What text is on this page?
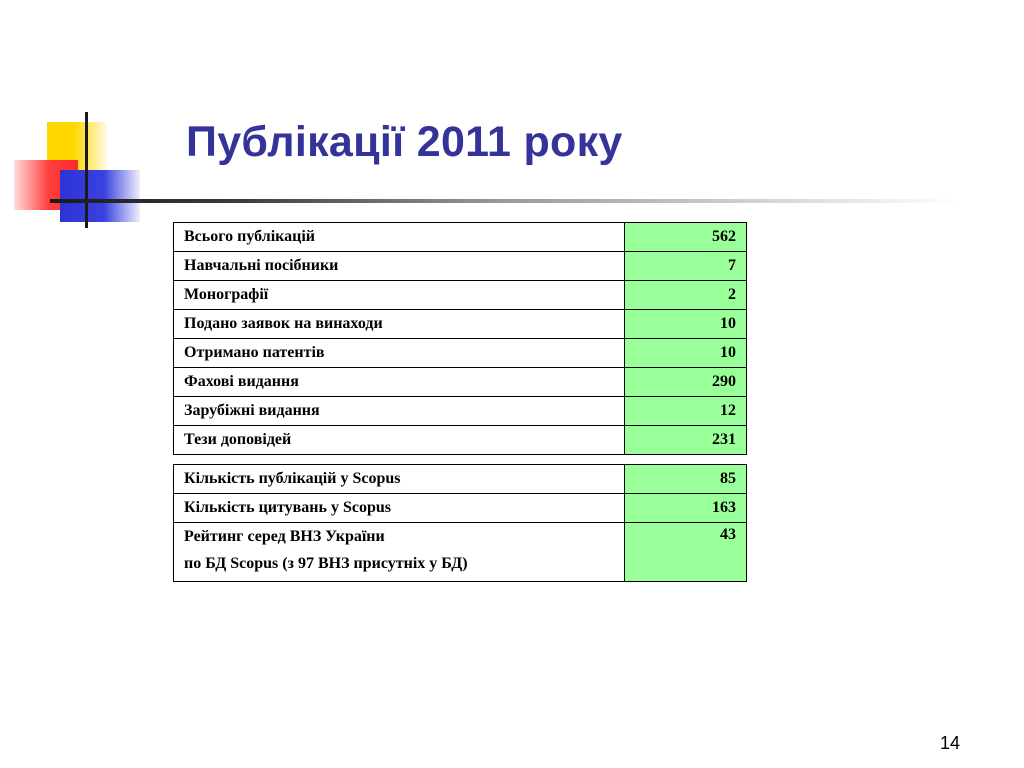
Публікації 2011 року
Всього публікацій	562
Навчальні посібники	7
Монографії	2
Подано заявок на винаходи	10
Отримано патентів	10
Фахові видання	290
Зарубіжні видання	12
Тези доповідей	231
Кількість публікацій у Scopus	85
Кількість цитувань у Scopus	163

Рейтинг серед ВНЗ України
по БД Scopus (з 97 ВНЗ присутніх у БД)	43
14
